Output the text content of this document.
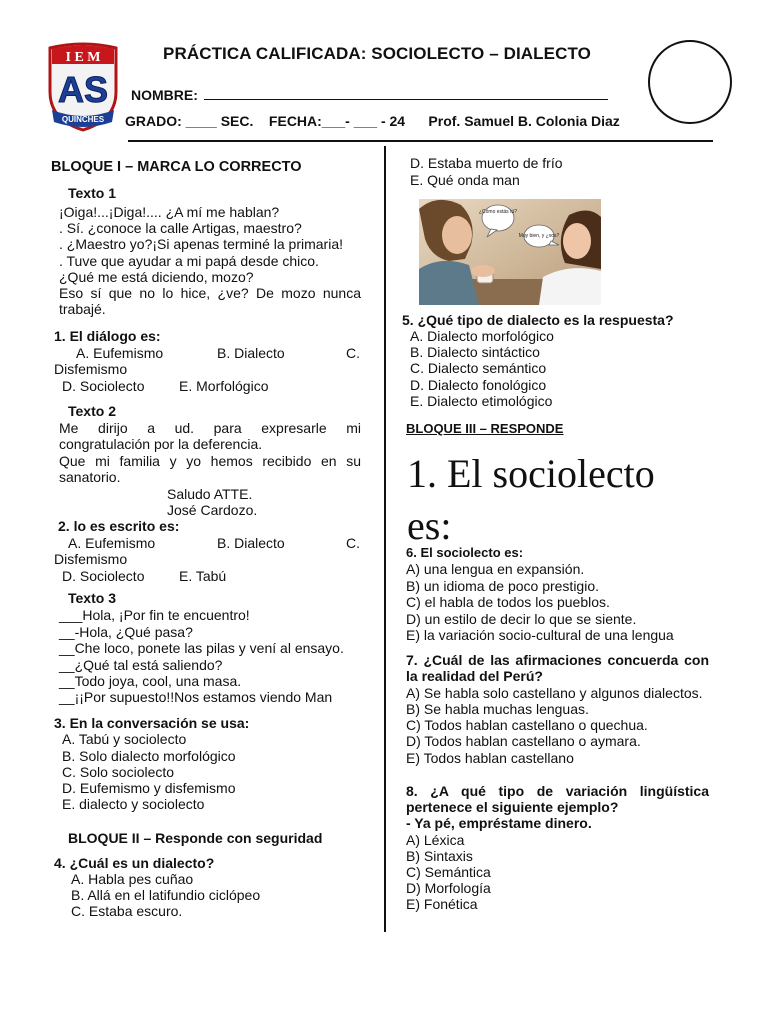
I E M
AS
QUINCHES
PRÁCTICA CALIFICADA: SOCIOLECTO – DIALECTO
NOMBRE:
GRADO: ____ SEC.    FECHA:___- ___ - 24      Prof. Samuel B. Colonia Diaz
BLOQUE I – MARCA LO CORRECTO
Texto 1
¡Oiga!...¡Diga!.... ¿A mí me hablan?
. Sí. ¿conoce la calle Artigas, maestro?
. ¿Maestro yo?¡Si apenas terminé la primaria!
. Tuve que ayudar a mi papá desde chico.
¿Qué me está diciendo, mozo?
Eso sí que no lo hice, ¿ve? De mozo nunca trabajé.
1. El diálogo es:
A. Eufemismo	B. Dialecto	C.
Disfemismo
D. Sociolecto E. Morfológico
Texto 2
Me dirijo a ud. para expresarle mi congratulación por la deferencia.
Que mi familia y yo hemos recibido en su sanatorio.
Saludo ATTE.
José Cardozo.
2. lo es escrito es:
A. Eufemismo	B. Dialecto	C.
Disfemismo
D. Sociolecto E. Tabú
Texto 3
___Hola, ¡Por fin te encuentro!
__-Hola, ¿Qué pasa?
__Che loco, ponete las pilas y vení al ensayo.
__¿Qué tal está saliendo?
__Todo joya, cool, una masa.
__¡¡Por supuesto!!Nos estamos viendo Man
3. En la conversación se usa:
A. Tabú y sociolecto
B. Solo dialecto morfológico
C. Solo sociolecto
D. Eufemismo y disfemismo
E. dialecto y sociolecto
BLOQUE II – Responde con seguridad
4. ¿Cuál es un dialecto?
A. Habla pes cuñao
B. Allá en el latifundio ciclópeo
C. Estaba escuro.
D. Estaba muerto de frío
E. Qué onda man
¿Cómo estás tú?
Muy bien, y ¿vos?
5. ¿Qué tipo de dialecto es la respuesta?
A. Dialecto morfológico
B. Dialecto sintáctico
C. Dialecto semántico
D. Dialecto fonológico
E. Dialecto etimológico
BLOQUE III – RESPONDE
1. El sociolecto es:
6. El sociolecto es:
A) una lengua en expansión.
B) un idioma de poco prestigio.
C) el habla de todos los pueblos.
D) un estilo de decir lo que se siente.
E) la variación socio-cultural de una lengua
7. ¿Cuál de las afirmaciones concuerda con la realidad del Perú?
A) Se habla solo castellano y algunos dialectos.
B) Se habla muchas lenguas.
C) Todos hablan castellano o quechua.
D) Todos hablan castellano o aymara.
E) Todos hablan castellano
8. ¿A qué tipo de variación lingüística pertenece el siguiente ejemplo?
- Ya pé, empréstame dinero.
A) Léxica
B) Sintaxis
C) Semántica
D) Morfología
E) Fonética
